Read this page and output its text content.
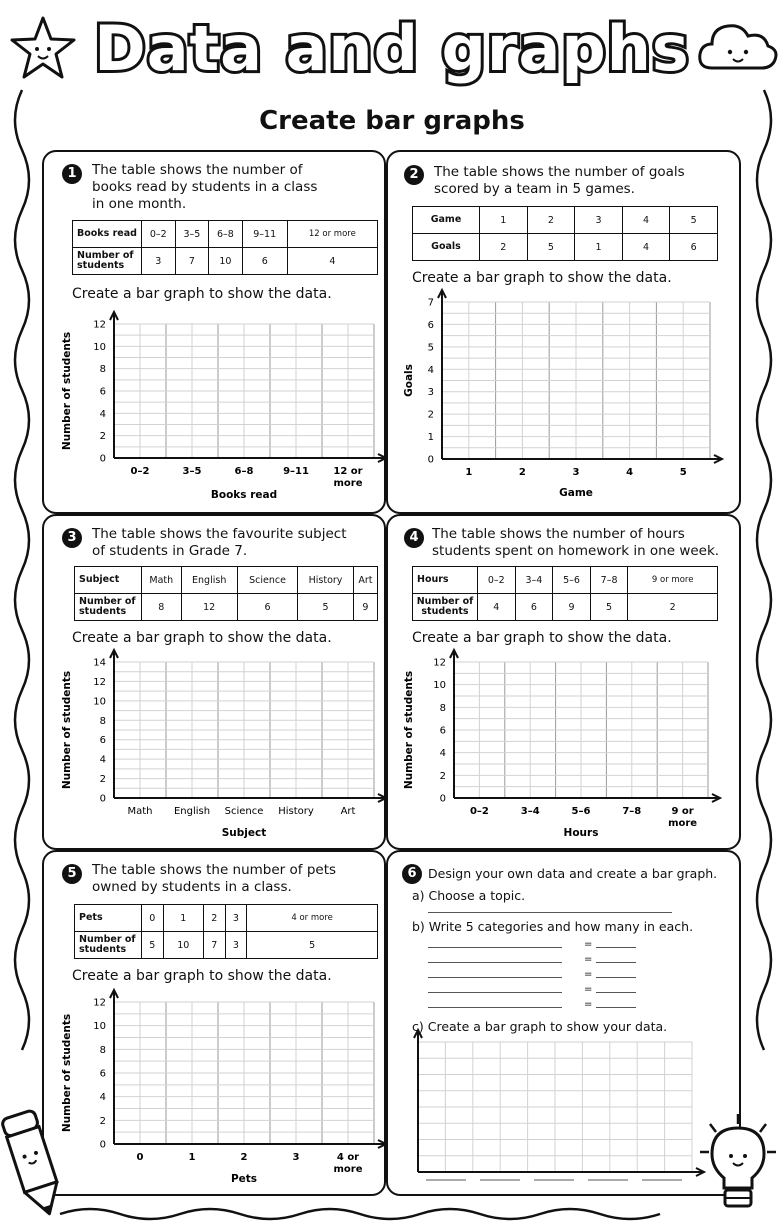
Data and graphs
Create bar graphs
1	The table shows the number of
books read by students in a class
in one month.
Books read	0–2	3–5	6–8	9–11	12 or more
Number of students	3	7	10	6	4
Create a bar graph to show the data.
0
2
4
6
8
10
12
0–2	3–5	6–8	9–11 12 or more
Books read
Number of students
2	The table shows the number of goals
scored by a team in 5 games.
Game	1	2	3	4	5
Goals	2	5	1	4	6
Create a bar graph to show the data.
0
1
2
3
4
5
6
7
1	2	3	4	5
Game
Goals
3	The table shows the favourite subject
of students in Grade 7.
Subject	Math	English	Science	History	Art
Number of students	8	12	6	5	9
Create a bar graph to show the data.
0
2
4
6
8
10
12
14
Math English Science History	Art
Subject
Number of students
4 The table shows the number of hours
students spent on homework in one week.
Hours	0–2	3–4	5–6	7–8	9 or more
Number of students	4	6	9	5	2
Create a bar graph to show the data.
0
2
4
6
8
10
12
0–2	3–4	5–6	7–8	9 or more
Hours
Number of students
5	The table shows the number of pets
owned by students in a class.
Pets	0	1	2	3	4 or more
Number of students	5	10	7	3	5
Create a bar graph to show the data.
0
2
4
6
8
10
12
0	1	2	3	4 or more
Pets
Number of students
6 Design your own data and create a bar graph.
a) Choose a topic.
b) Write 5 categories and how many in each.
=
=
=
=
=
c) Create a bar graph to show your data.
